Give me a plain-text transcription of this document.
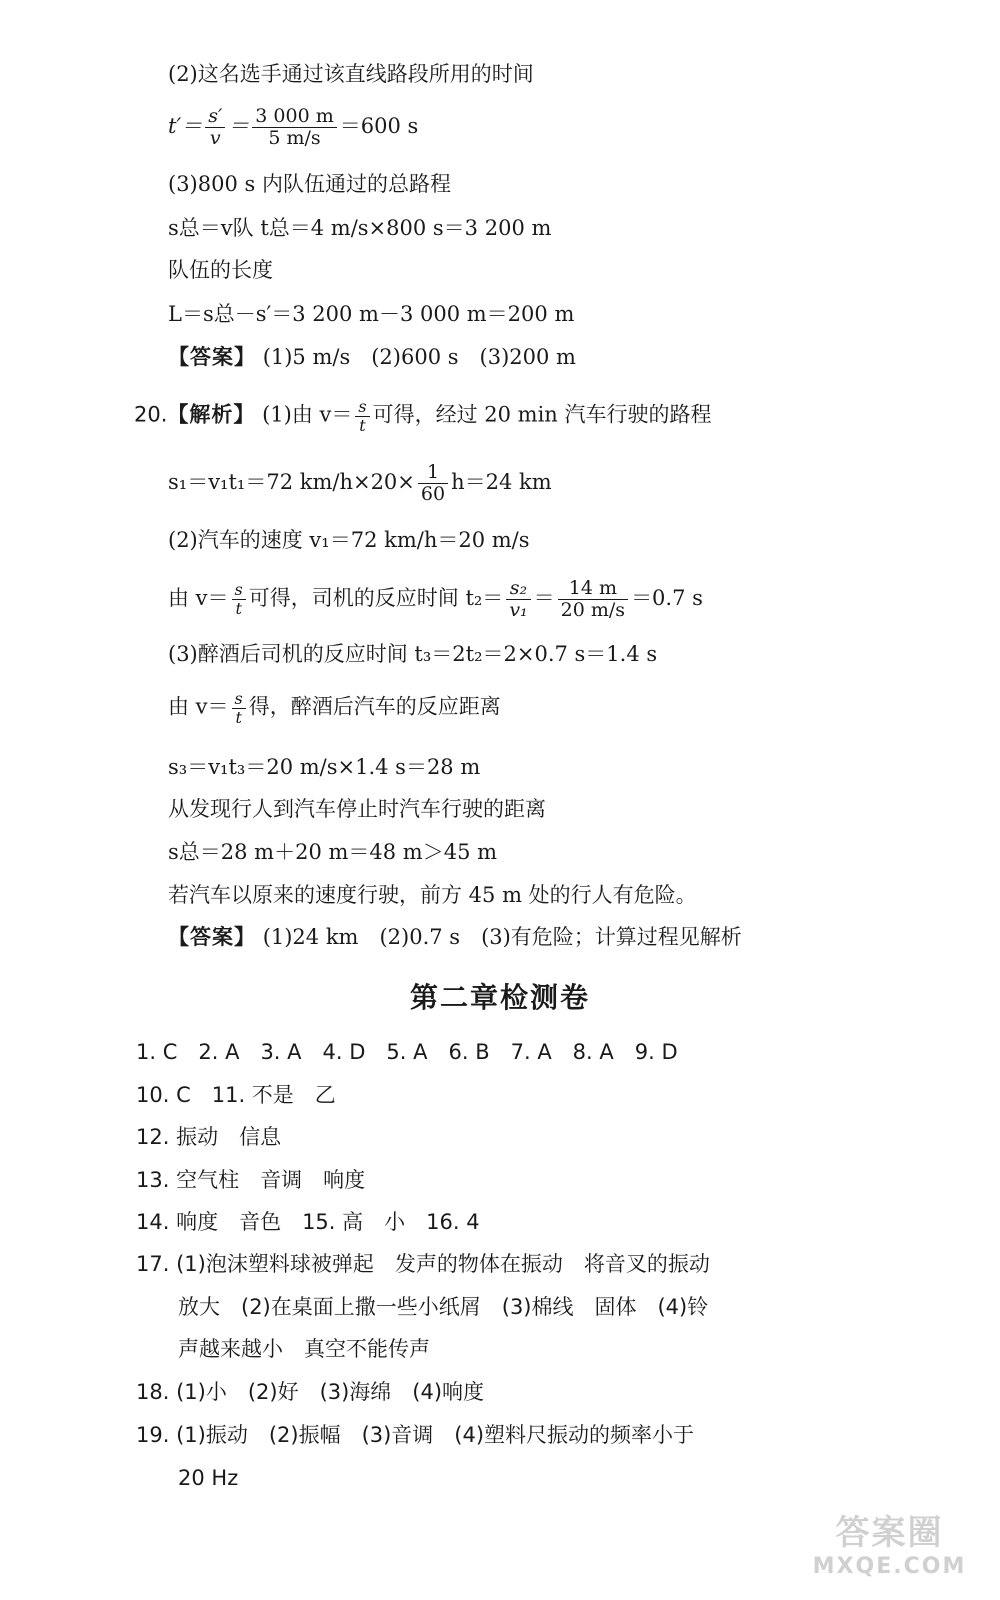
(2)这名选手通过该直线路段所用的时间
$t'= \frac{s'}{v} = \frac{3 000 m}{5 m/s} =600$ s
(3)800 s 内队伍通过的总路程
s总＝v队 t总＝4 m/s×800 s＝3 200 m
队伍的长度
L＝s总－s′＝3 200 m－3 000 m＝200 m
【答案】 (1)5 m/s　(2)600 s　(3)200 m
20.【解析】 (1)由 $v= \frac{s}{t}$ 可得，经过 20 min 汽车行驶的路程
s₁＝v₁t₁＝72 $km/h\times 20\times \frac{1}{60} h=24$ km
(2)汽车的速度 v₁＝72 km/h＝20 m/s
由 $v= \frac{s}{t}$ 可得，司机的反应时间 $t_2= \frac{\text{s₂}}{\text{v₁}} = \frac{14 m}{20 m/s} =0.7$ s
(3)醉酒后司机的反应时间 t₃＝2t₂＝2×0.7 s＝1.4 s
由 $v= \frac{s}{t}$ 得，醉酒后汽车的反应距离
s₃＝v₁t₃＝20 m/s×1.4 s＝28 m
从发现行人到汽车停止时汽车行驶的距离
s总＝28 m＋20 m＝48 m＞45 m
若汽车以原来的速度行驶，前方 45 m 处的行人有危险。
【答案】 (1)24 km　(2)0.7 s　(3)有危险；计算过程见解析
第二章检测卷
1. C　2. A　3. A　4. D　5. A　6. B　7. A　8. A　9. D
10. C　11. 不是　乙
12. 振动　信息
13. 空气柱　音调　响度
14. 响度　音色　15. 高　小　16. 4
17. (1)泡沫塑料球被弹起　发声的物体在振动　将音叉的振动
　　放大　(2)在桌面上撒一些小纸屑　(3)棉线　固体　(4)铃
　　声越来越小　真空不能传声
18. (1)小　(2)好　(3)海绵　(4)响度
19. (1)振动　(2)振幅　(3)音调　(4)塑料尺振动的频率小于
　　20 Hz
答案圈
MXQE.COM
